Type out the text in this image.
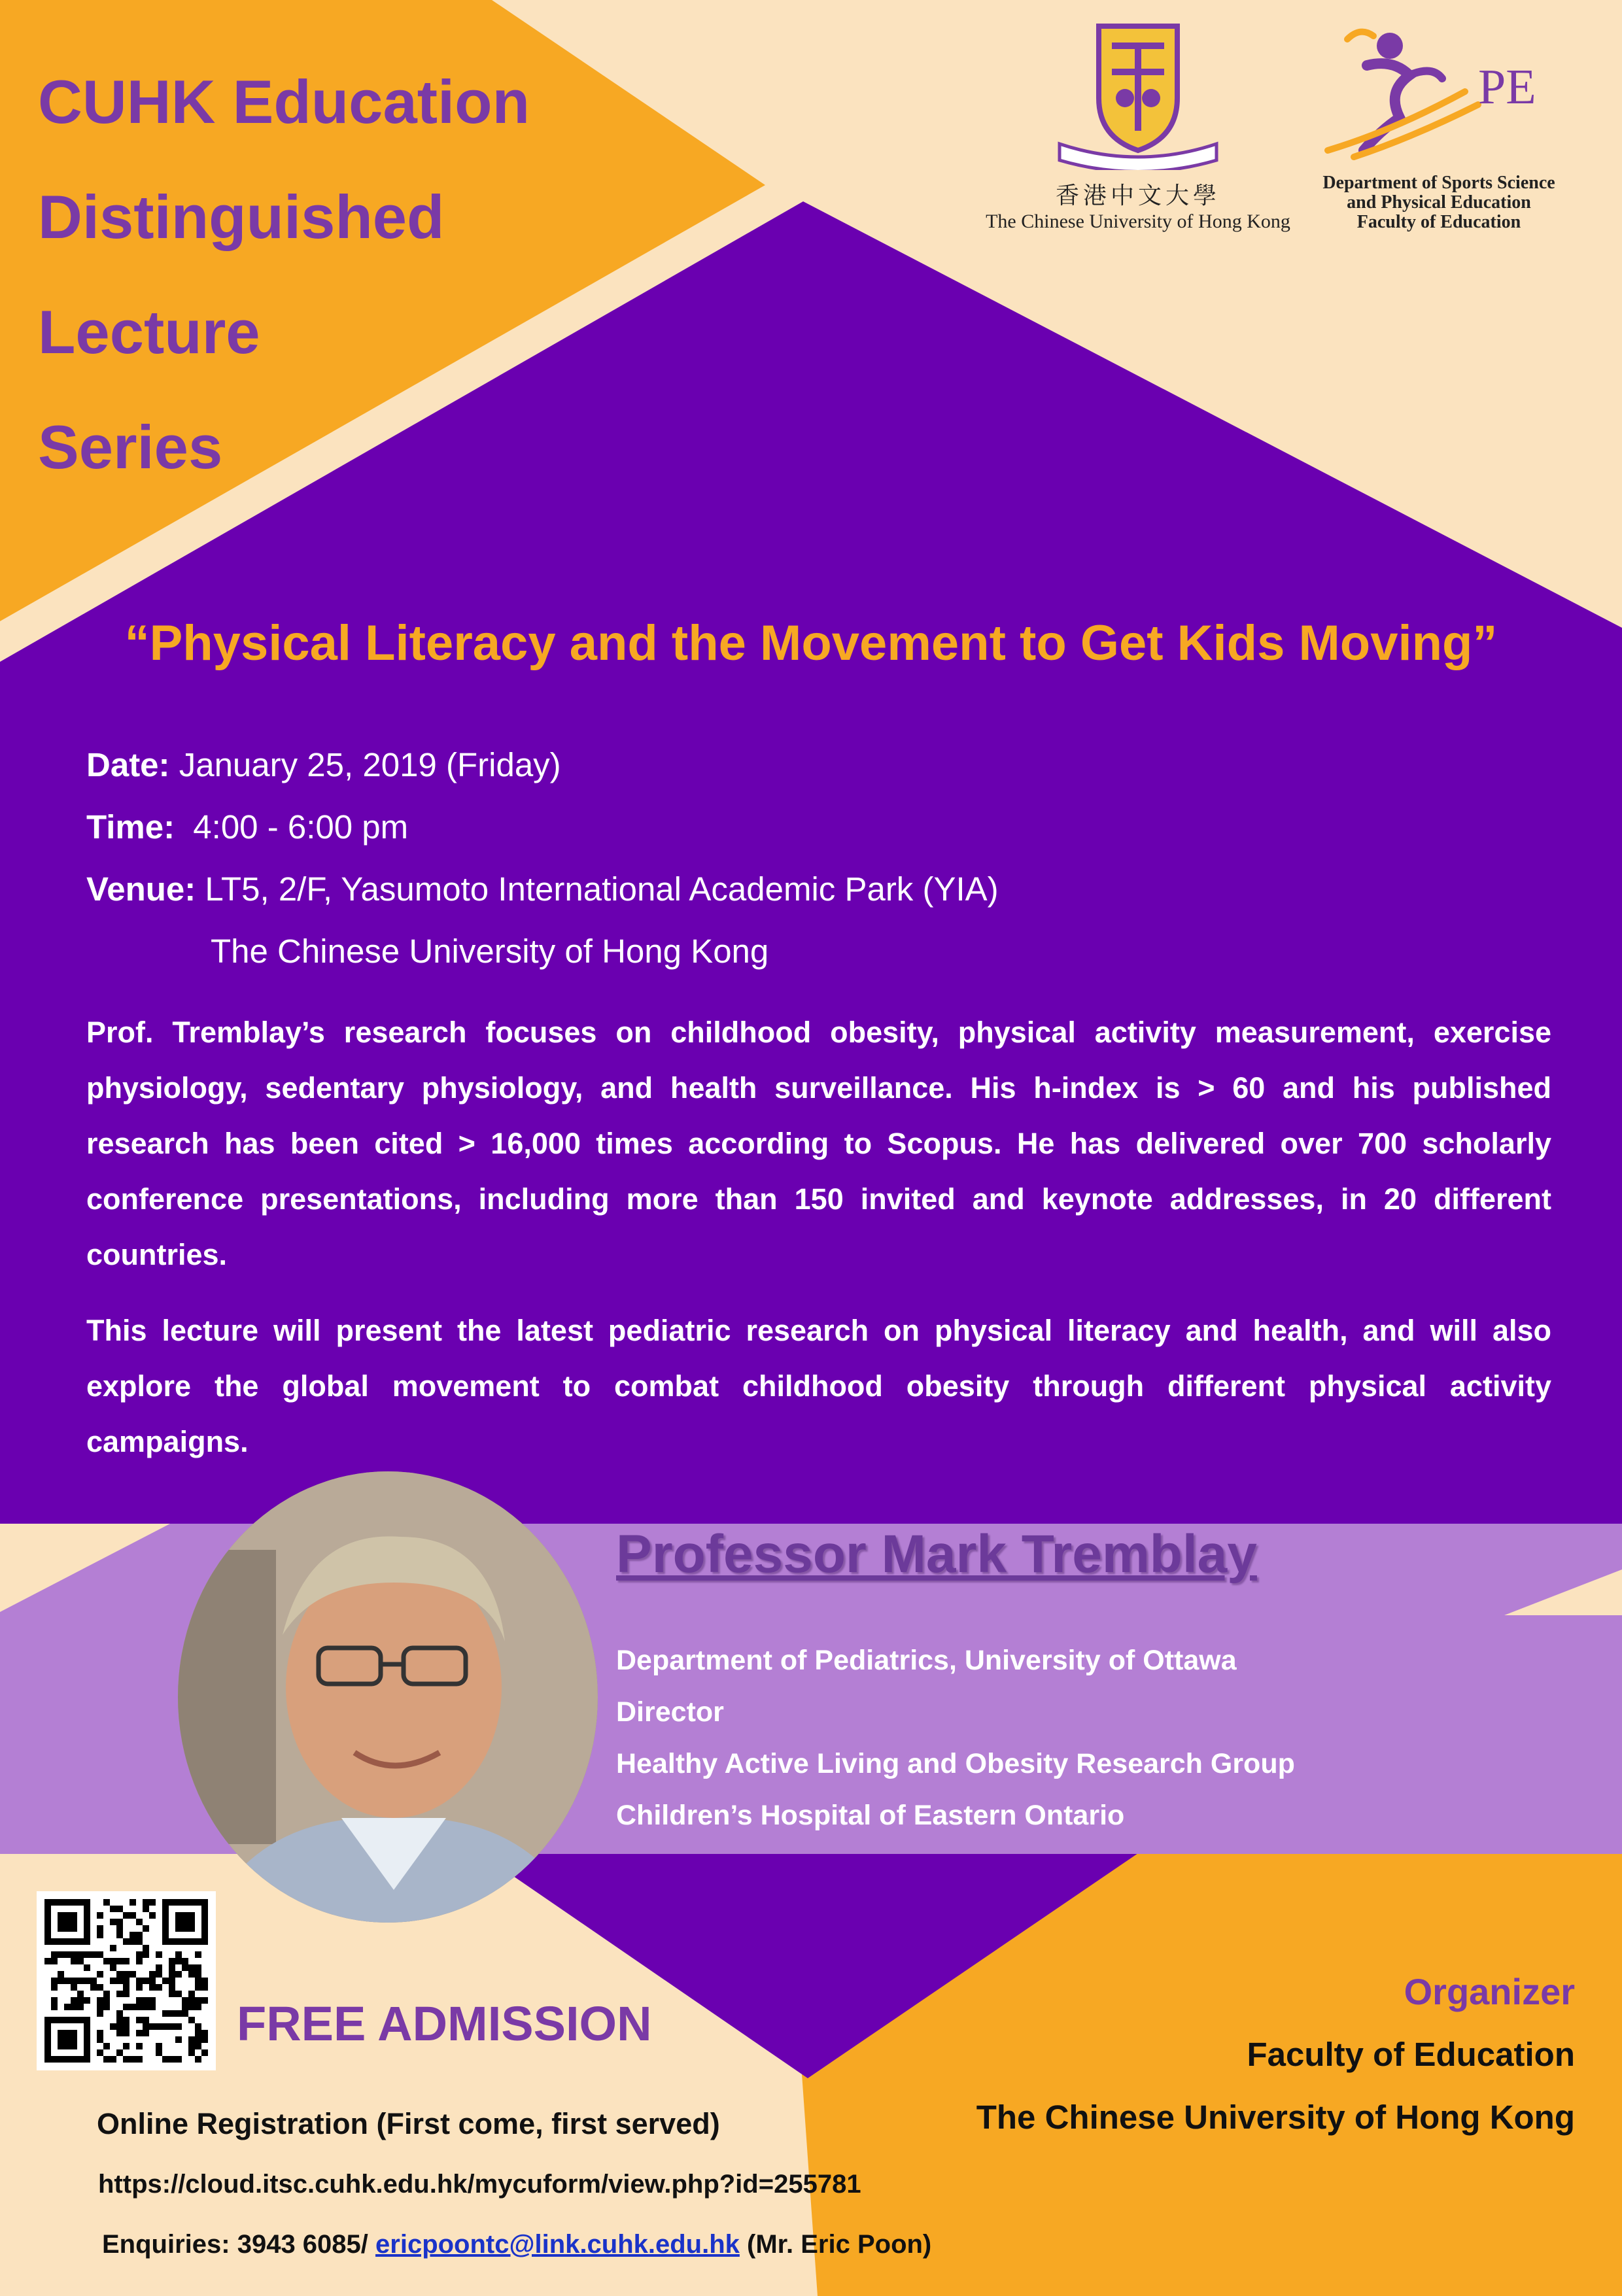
CUHK Education
Distinguished
Lecture
Series
香港中文大學
The Chinese University of Hong Kong
PE
Department of Sports Science
and Physical Education
Faculty of Education
“Physical Literacy and the Movement to Get Kids Moving”
Date: January 25, 2019 (Friday)
Time: 4:00 - 6:00 pm
Venue: LT5, 2/F, Yasumoto International Academic Park (YIA)
The Chinese University of Hong Kong
Prof. Tremblay’s research focuses on childhood obesity, physical activity measurement, exercise physiology, sedentary physiology, and health surveillance. His h-index is > 60 and his published research has been cited > 16,000 times according to Scopus. He has delivered over 700 scholarly conference presentations, including more than 150 invited and keynote addresses, in 20 different countries.
This lecture will present the latest pediatric research on physical literacy and health, and will also explore the global movement to combat childhood obesity through different physical activity campaigns.
Professor Mark Tremblay
Department of Pediatrics, University of Ottawa
Director
Healthy Active Living and Obesity Research Group
Children’s Hospital of Eastern Ontario
FREE ADMISSION
Online Registration (First come, first served)
https://cloud.itsc.cuhk.edu.hk/mycuform/view.php?id=255781
Enquiries: 3943 6085/ ericpoontc@link.cuhk.edu.hk (Mr. Eric Poon)
Organizer
Faculty of Education
The Chinese University of Hong Kong
